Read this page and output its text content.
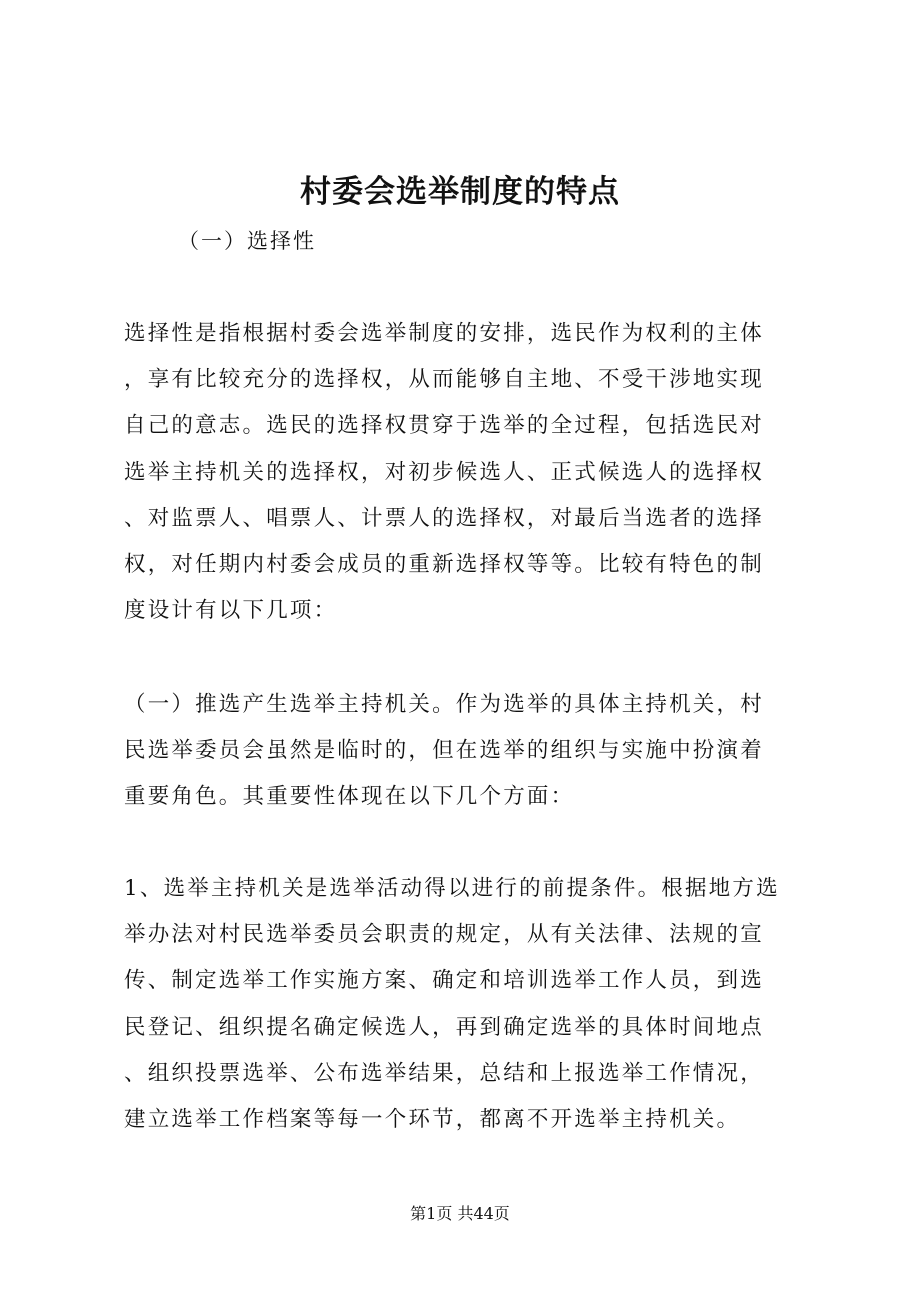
村委会选举制度的特点

（一）选择性

选择性是指根据村委会选举制度的安排，选民作为权利的主体
，享有比较充分的选择权，从而能够自主地、不受干涉地实现
自己的意志。选民的选择权贯穿于选举的全过程，包括选民对
选举主持机关的选择权，对初步候选人、正式候选人的选择权
、对监票人、唱票人、计票人的选择权，对最后当选者的选择
权，对任期内村委会成员的重新选择权等等。比较有特色的制
度设计有以下几项：

（一）推选产生选举主持机关。作为选举的具体主持机关，村
民选举委员会虽然是临时的，但在选举的组织与实施中扮演着
重要角色。其重要性体现在以下几个方面：

1、选举主持机关是选举活动得以进行的前提条件。根据地方选
举办法对村民选举委员会职责的规定，从有关法律、法规的宣
传、制定选举工作实施方案、确定和培训选举工作人员，到选
民登记、组织提名确定候选人，再到确定选举的具体时间地点
、组织投票选举、公布选举结果，总结和上报选举工作情况，
建立选举工作档案等每一个环节，都离不开选举主持机关。

第1页 共44页
